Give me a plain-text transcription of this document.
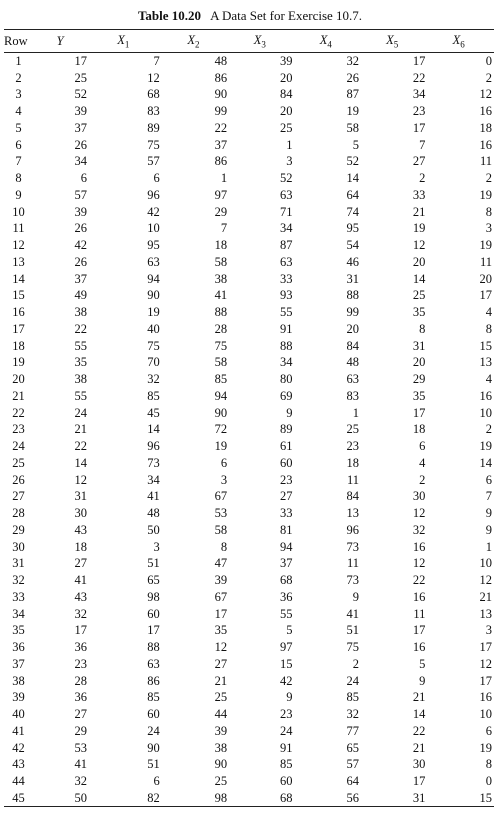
Table 10.20 A Data Set for Exercise 10.7.
Row	Y	$X_1$	$X_2$	$X_3$	$X_4$	$X_5$	$X_6$
1	17	7	48	39	32	17	0
2	25	12	86	20	26	22	2
3	52	68	90	84	87	34	12
4	39	83	99	20	19	23	16
5	37	89	22	25	58	17	18
6	26	75	37	1	5	7	16
7	34	57	86	3	52	27	11
8	6	6	1	52	14	2	2
9	57	96	97	63	64	33	19
10	39	42	29	71	74	21	8
11	26	10	7	34	95	19	3
12	42	95	18	87	54	12	19
13	26	63	58	63	46	20	11
14	37	94	38	33	31	14	20
15	49	90	41	93	88	25	17
16	38	19	88	55	99	35	4
17	22	40	28	91	20	8	8
18	55	75	75	88	84	31	15
19	35	70	58	34	48	20	13
20	38	32	85	80	63	29	4
21	55	85	94	69	83	35	16
22	24	45	90	9	1	17	10
23	21	14	72	89	25	18	2
24	22	96	19	61	23	6	19
25	14	73	6	60	18	4	14
26	12	34	3	23	11	2	6
27	31	41	67	27	84	30	7
28	30	48	53	33	13	12	9
29	43	50	58	81	96	32	9
30	18	3	8	94	73	16	1
31	27	51	47	37	11	12	10
32	41	65	39	68	73	22	12
33	43	98	67	36	9	16	21
34	32	60	17	55	41	11	13
35	17	17	35	5	51	17	3
36	36	88	12	97	75	16	17
37	23	63	27	15	2	5	12
38	28	86	21	42	24	9	17
39	36	85	25	9	85	21	16
40	27	60	44	23	32	14	10
41	29	24	39	24	77	22	6
42	53	90	38	91	65	21	19
43	41	51	90	85	57	30	8
44	32	6	25	60	64	17	0
45	50	82	98	68	56	31	15
